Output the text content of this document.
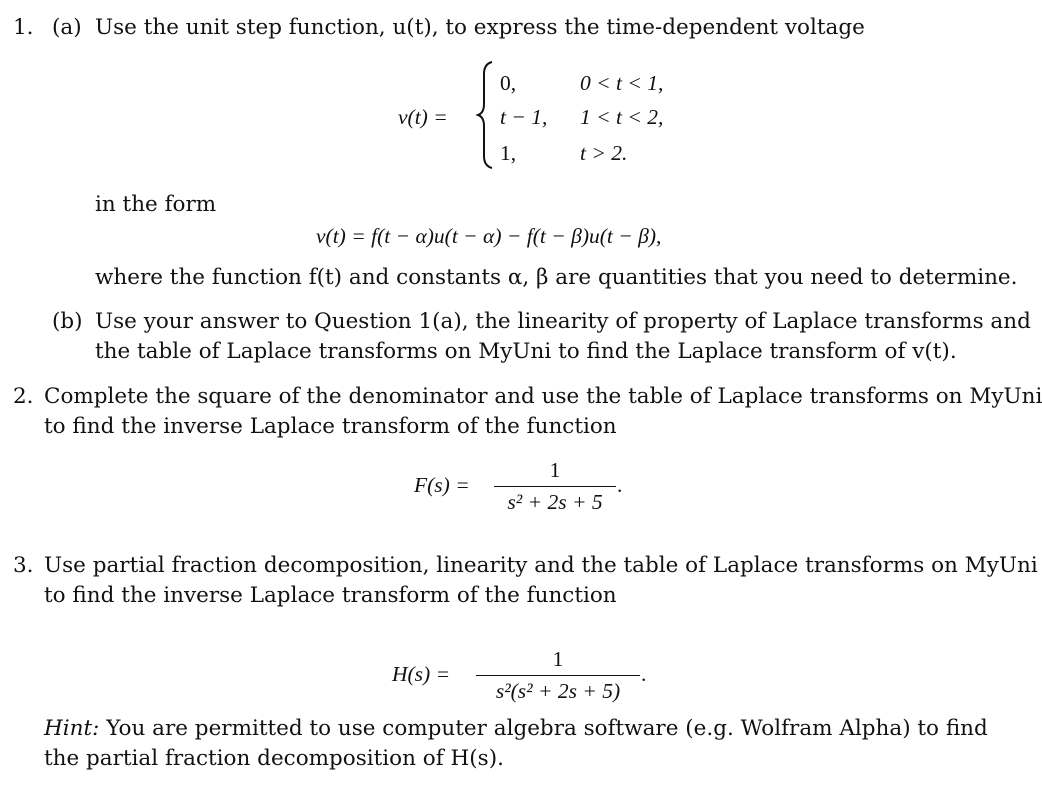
1. (a) Use the unit step function, u(t), to express the time-dependent voltage
v(t) =
0,	0 < t < 1,
t − 1, 1 < t < 2,
1,	t > 2.
in the form
v(t) = f(t − α)u(t − α) − f(t − β)u(t − β),
where the function f(t) and constants α, β are quantities that you need to determine.
(b) Use your answer to Question 1(a), the linearity of property of Laplace transforms and
the table of Laplace transforms on MyUni to find the Laplace transform of v(t).
2. Complete the square of the denominator and use the table of Laplace transforms on MyUni
to find the inverse Laplace transform of the function
F(s) =
1
s² + 2s + 5
.
3. Use partial fraction decomposition, linearity and the table of Laplace transforms on MyUni
to find the inverse Laplace transform of the function
H(s) =
1
s²(s² + 2s + 5)
.
Hint: You are permitted to use computer algebra software (e.g. Wolfram Alpha) to find
the partial fraction decomposition of H(s).
